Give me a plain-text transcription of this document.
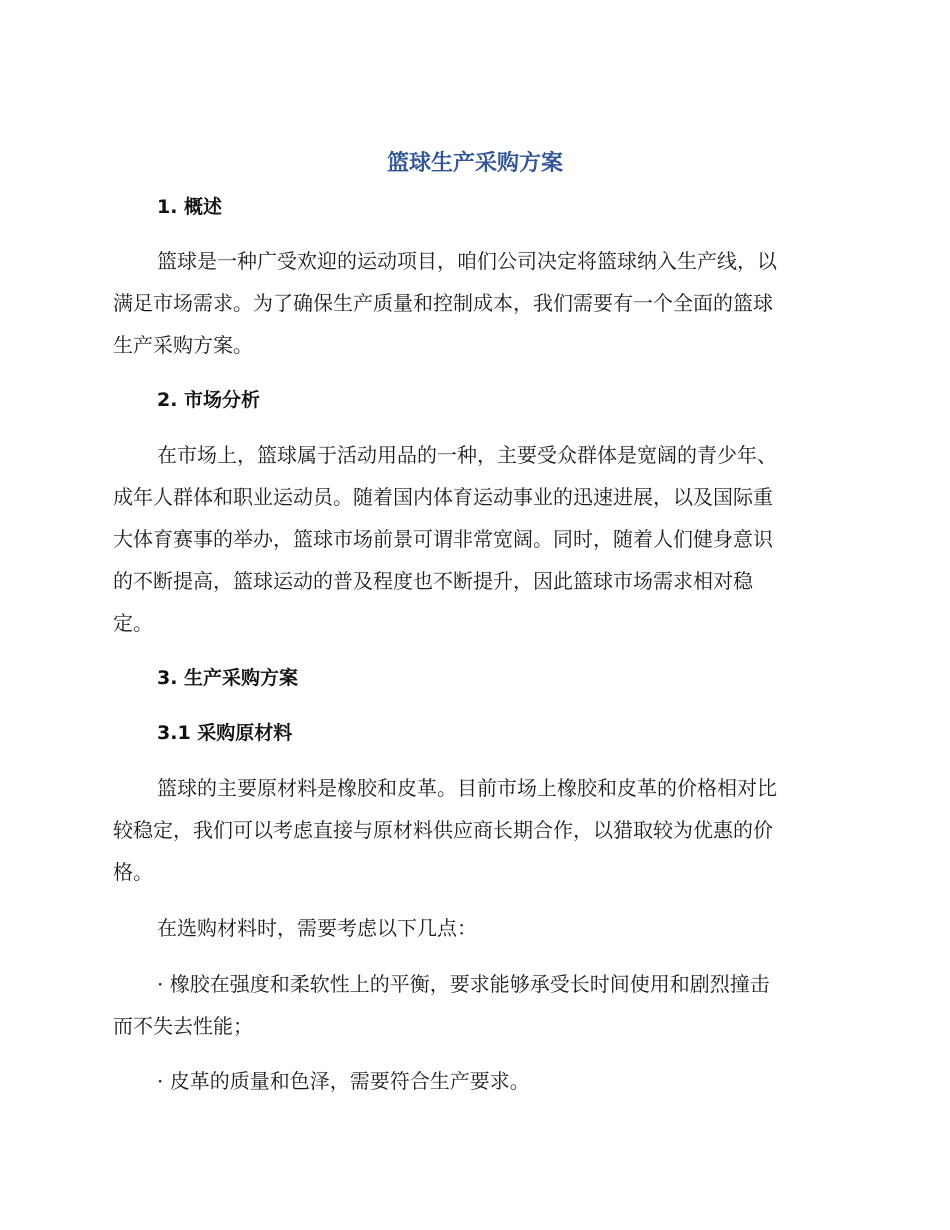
篮球生产采购方案
1. 概述

篮球是一种广受欢迎的运动项目，咱们公司决定将篮球纳入生产线，以
满足市场需求。为了确保生产质量和控制成本，我们需要有一个全面的篮球
生产采购方案。

2. 市场分析

在市场上，篮球属于活动用品的一种，主要受众群体是宽阔的青少年、
成年人群体和职业运动员。随着国内体育运动事业的迅速进展，以及国际重
大体育赛事的举办，篮球市场前景可谓非常宽阔。同时，随着人们健身意识
的不断提高，篮球运动的普及程度也不断提升，因此篮球市场需求相对稳
定。

3. 生产采购方案
3.1 采购原材料

篮球的主要原材料是橡胶和皮革。目前市场上橡胶和皮革的价格相对比
较稳定，我们可以考虑直接与原材料供应商长期合作，以猎取较为优惠的价
格。

在选购材料时，需要考虑以下几点：

· 橡胶在强度和柔软性上的平衡，要求能够承受长时间使用和剧烈撞击
而不失去性能；

· 皮革的质量和色泽，需要符合生产要求。
